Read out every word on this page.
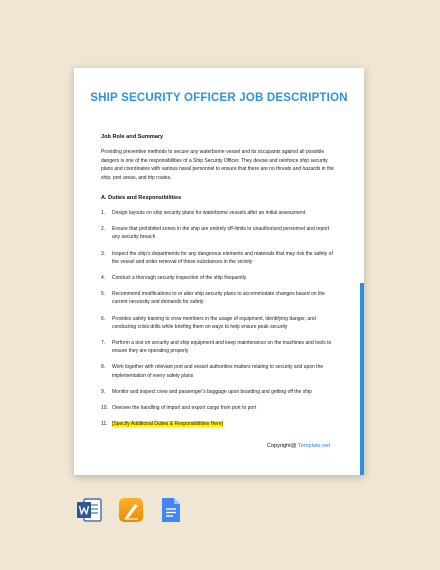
SHIP SECURITY OFFICER JOB DESCRIPTION
Job Role and Summary
Providing preventive methods to secure any waterborne vessel and its occupants against all possible dangers is one of the responsibilities of a Ship Security Officer. They devise and reinforce ship security plans and coordinates with various naval personnel to ensure that there are no threats and hazards in the ship, port areas, and trip routes.
A. Duties and Responsibilities
1. Design layouts on ship security plans for waterborne vessels after an initial assessment
2. Ensure that prohibited zones in the ship are entirely off-limits to unauthorized personnel and report any security breach
3. Inspect the ship’s departments for any dangerous elements and materials that may risk the safety of the vessel and order removal of these substances in the vicinity
4. Conduct a thorough security inspection of the ship frequently
5. Recommend modifications to or alter ship security plans to accommodate changes based on the current necessity and demands for safety
6. Provides safety training to crew members in the usage of equipment, identifying danger, and conducting crisis drills while briefing them on ways to help ensure peak security
7. Perform a test on security and ship equipment and keep maintenance on the machines and tools to ensure they are operating properly
8. Work together with relevant port and vessel authorities matters relating to security and upon the implementation of every safety plans
9. Monitor and inspect crew and passenger’s baggage upon boarding and getting off the ship
10. Oversee the handling of import and export cargo from port to port
11. [Specify Additional Duties & Responsibilities Here]
Copyright@ Template.net
